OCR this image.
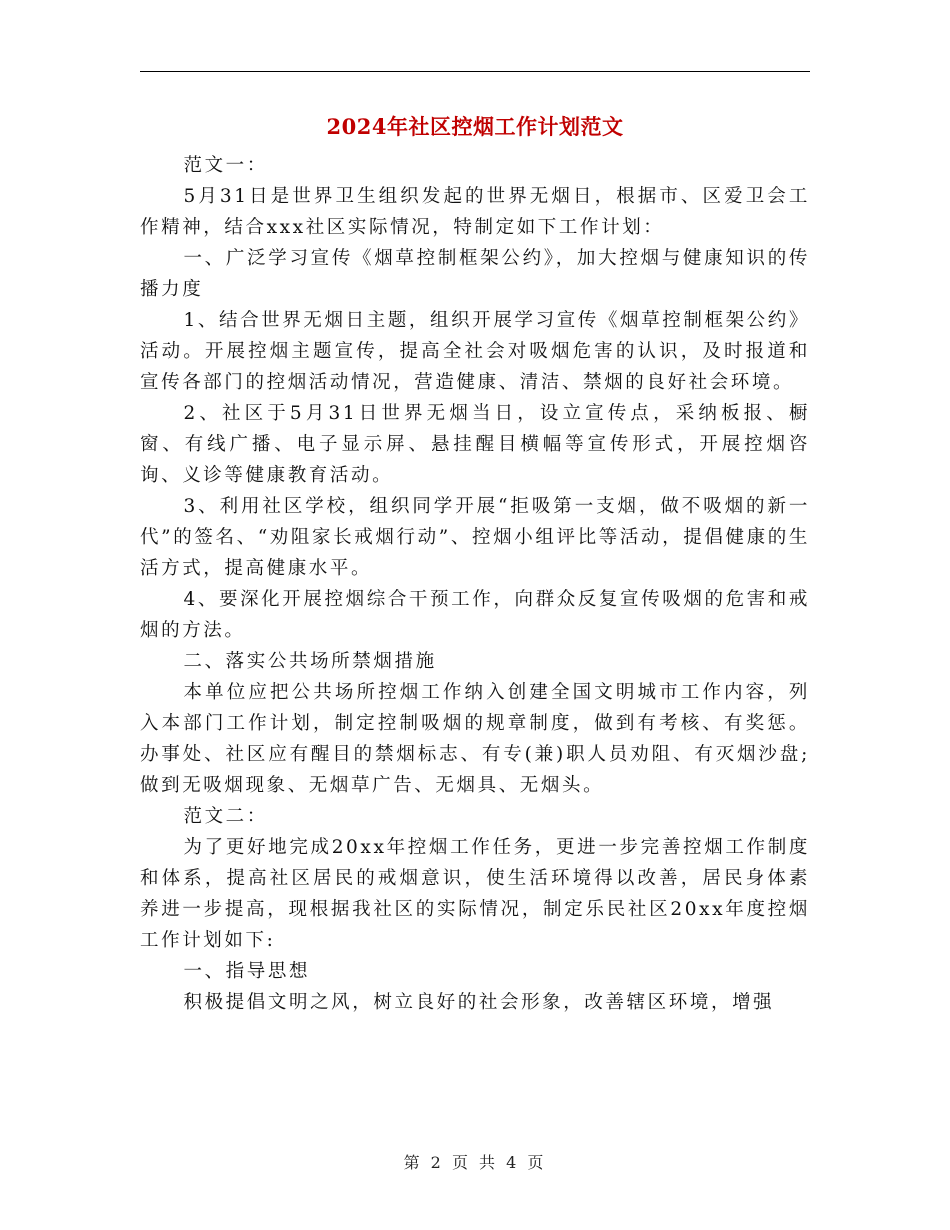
2024年社区控烟工作计划范文

范文一：

5月31日是世界卫生组织发起的世界无烟日，根据市、区爱卫会工作精神，结合xxx社区实际情况，特制定如下工作计划：

一、广泛学习宣传《烟草控制框架公约》，加大控烟与健康知识的传播力度

1、结合世界无烟日主题，组织开展学习宣传《烟草控制框架公约》活动。开展控烟主题宣传，提高全社会对吸烟危害的认识，及时报道和宣传各部门的控烟活动情况，营造健康、清洁、禁烟的良好社会环境。

2、社区于5月31日世界无烟当日，设立宣传点，采纳板报、橱窗、有线广播、电子显示屏、悬挂醒目横幅等宣传形式，开展控烟咨询、义诊等健康教育活动。

3、利用社区学校，组织同学开展“拒吸第一支烟，做不吸烟的新一代”的签名、“劝阻家长戒烟行动”、控烟小组评比等活动，提倡健康的生活方式，提高健康水平。

4、要深化开展控烟综合干预工作，向群众反复宣传吸烟的危害和戒烟的方法。

二、落实公共场所禁烟措施

本单位应把公共场所控烟工作纳入创建全国文明城市工作内容，列入本部门工作计划，制定控制吸烟的规章制度，做到有考核、有奖惩。办事处、社区应有醒目的禁烟标志、有专(兼)职人员劝阻、有灭烟沙盘;做到无吸烟现象、无烟草广告、无烟具、无烟头。

范文二：

为了更好地完成20xx年控烟工作任务，更进一步完善控烟工作制度和体系，提高社区居民的戒烟意识，使生活环境得以改善，居民身体素养进一步提高，现根据我社区的实际情况，制定乐民社区20xx年度控烟工作计划如下:

一、指导思想

积极提倡文明之风，树立良好的社会形象，改善辖区环境，增强

第 2 页 共 4 页
